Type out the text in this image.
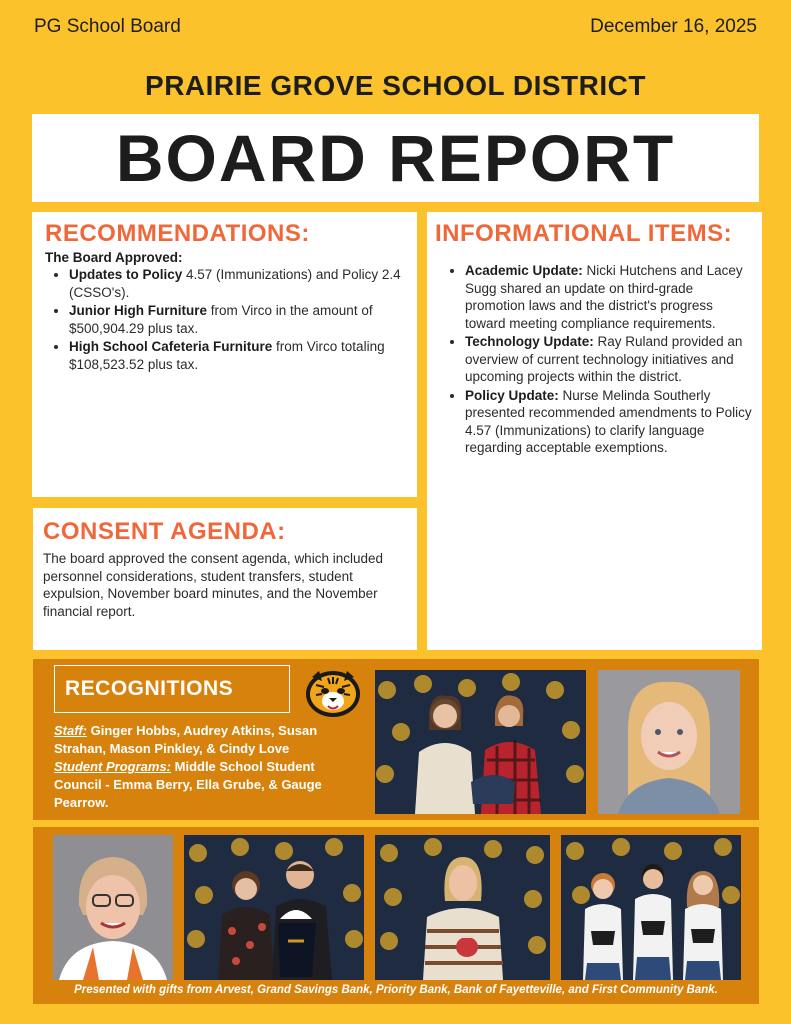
PG School Board	December 16, 2025
PRAIRIE GROVE SCHOOL DISTRICT
BOARD REPORT
RECOMMENDATIONS:
The Board Approved:
• Updates to Policy 4.57 (Immunizations) and Policy 2.4 (CSSO's).
• Junior High Furniture from Virco in the amount of $500,904.29 plus tax.
• High School Cafeteria Furniture from Virco totaling $108,523.52 plus tax.
CONSENT AGENDA:

The board approved the consent agenda, which included personnel considerations, student transfers, student expulsion, November board minutes, and the November financial report.

INFORMATIONAL ITEMS:
• Academic Update: Nicki Hutchens and Lacey Sugg shared an update on third-grade promotion laws and the district's progress toward meeting compliance requirements.
• Technology Update: Ray Ruland provided an overview of current technology initiatives and upcoming projects within the district.
• Policy Update: Nurse Melinda Southerly presented recommended amendments to Policy 4.57 (Immunizations) to clarify language regarding acceptable exemptions.
RECOGNITIONS
Staff: Ginger Hobbs, Audrey Atkins, Susan Strahan, Mason Pinkley, & Cindy Love
Student Programs: Middle School Student Council - Emma Berry, Ella Grube, & Gauge Pearrow.
Presented with gifts from Arvest, Grand Savings Bank, Priority Bank, Bank of Fayetteville, and First Community Bank.
